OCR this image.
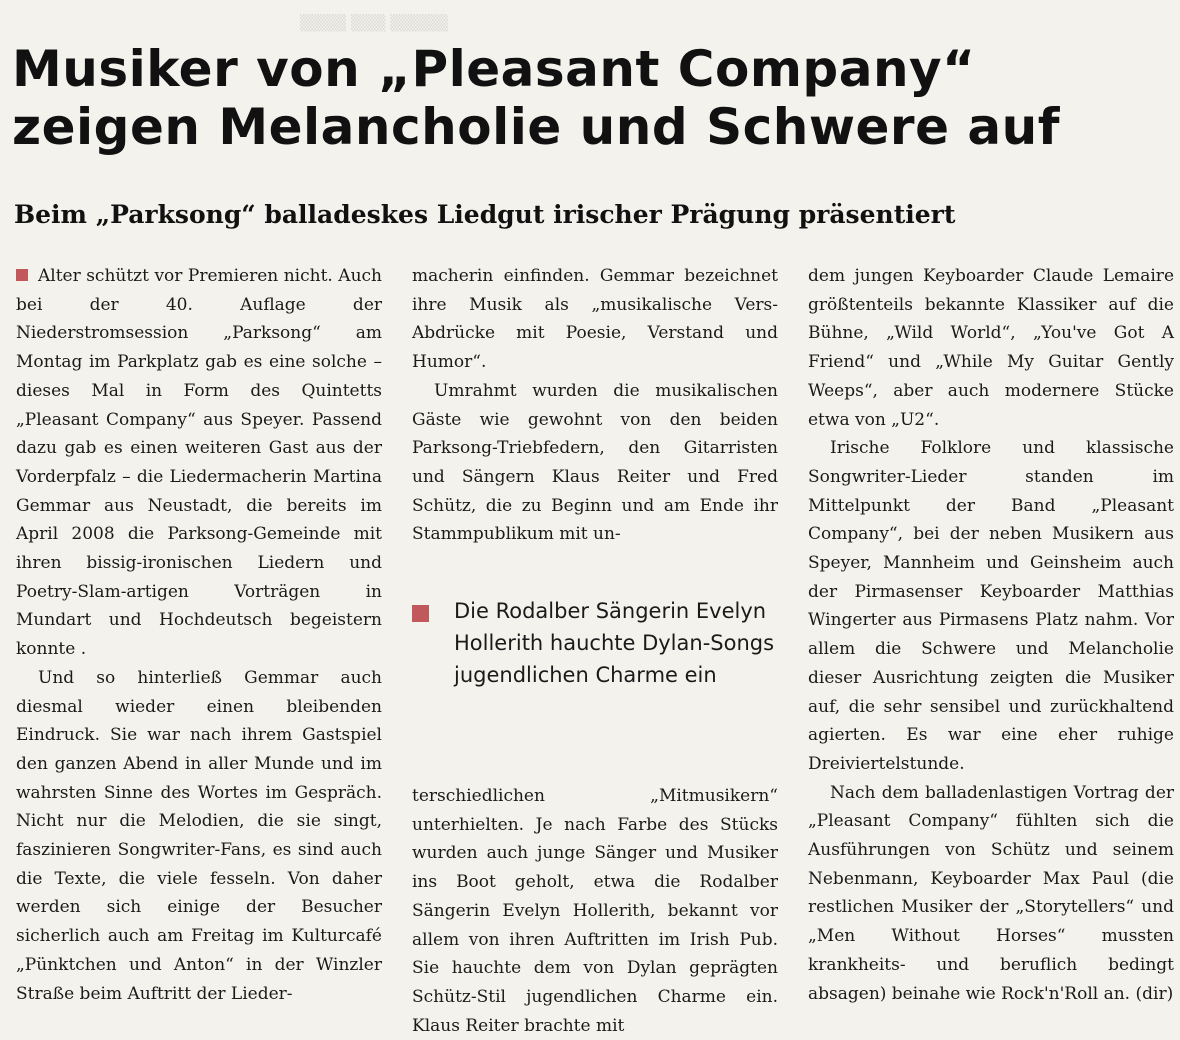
▒▒▒▒ ▒▒▒ ▒▒▒▒▒
Musiker von „Pleasant Company“
zeigen Melancholie und Schwere auf
Beim „Parksong“ balladeskes Liedgut irischer Prägung präsentiert

Alter schützt vor Premieren nicht. Auch bei der 40. Auflage der Niederstromsession „Parksong“ am Montag im Parkplatz gab es eine solche – dieses Mal in Form des Quintetts „Pleasant Company“ aus Speyer. Passend dazu gab es einen weiteren Gast aus der Vorderpfalz – die Liedermacherin Martina Gemmar aus Neustadt, die bereits im April 2008 die Parksong-Gemeinde mit ihren bissig-ironischen Liedern und Poetry-Slam-artigen Vorträgen in Mundart und Hochdeutsch begeistern konnte .

Und so hinterließ Gemmar auch diesmal wieder einen bleibenden Eindruck. Sie war nach ihrem Gastspiel den ganzen Abend in aller Munde und im wahrsten Sinne des Wortes im Gespräch. Nicht nur die Melodien, die sie singt, faszinieren Songwriter-Fans, es sind auch die Texte, die viele fesseln. Von daher werden sich einige der Besucher sicherlich auch am Freitag im Kulturcafé „Pünktchen und Anton“ in der Winzler Straße beim Auftritt der Lieder-

macherin einfinden. Gemmar bezeichnet ihre Musik als „musikalische Vers-Abdrücke mit Poesie, Verstand und Humor“.

Umrahmt wurden die musikalischen Gäste wie gewohnt von den beiden Parksong-Triebfedern, den Gitarristen und Sängern Klaus Reiter und Fred Schütz, die zu Beginn und am Ende ihr Stammpublikum mit un-

Die Rodalber Sängerin Evelyn Hollerith hauchte Dylan-Songs jugendlichen Charme ein

terschiedlichen „Mitmusikern“ unterhielten. Je nach Farbe des Stücks wurden auch junge Sänger und Musiker ins Boot geholt, etwa die Rodalber Sängerin Evelyn Hollerith, bekannt vor allem von ihren Auftritten im Irish Pub. Sie hauchte dem von Dylan geprägten Schütz-Stil jugendlichen Charme ein. Klaus Reiter brachte mit

dem jungen Keyboarder Claude Lemaire größtenteils bekannte Klassiker auf die Bühne, „Wild World“, „You've Got A Friend“ und „While My Guitar Gently Weeps“, aber auch modernere Stücke etwa von „U2“.

Irische Folklore und klassische Songwriter-Lieder standen im Mittelpunkt der Band „Pleasant Company“, bei der neben Musikern aus Speyer, Mannheim und Geinsheim auch der Pirmasenser Keyboarder Matthias Wingerter aus Pirmasens Platz nahm. Vor allem die Schwere und Melancholie dieser Ausrichtung zeigten die Musiker auf, die sehr sensibel und zurückhaltend agierten. Es war eine eher ruhige Dreiviertelstunde.

Nach dem balladenlastigen Vortrag der „Pleasant Company“ fühlten sich die Ausführungen von Schütz und seinem Nebenmann, Keyboarder Max Paul (die restlichen Musiker der „Storytellers“ und „Men Without Horses“ mussten krankheits- und beruflich bedingt absagen) beinahe wie Rock'n'Roll an. (dir)
